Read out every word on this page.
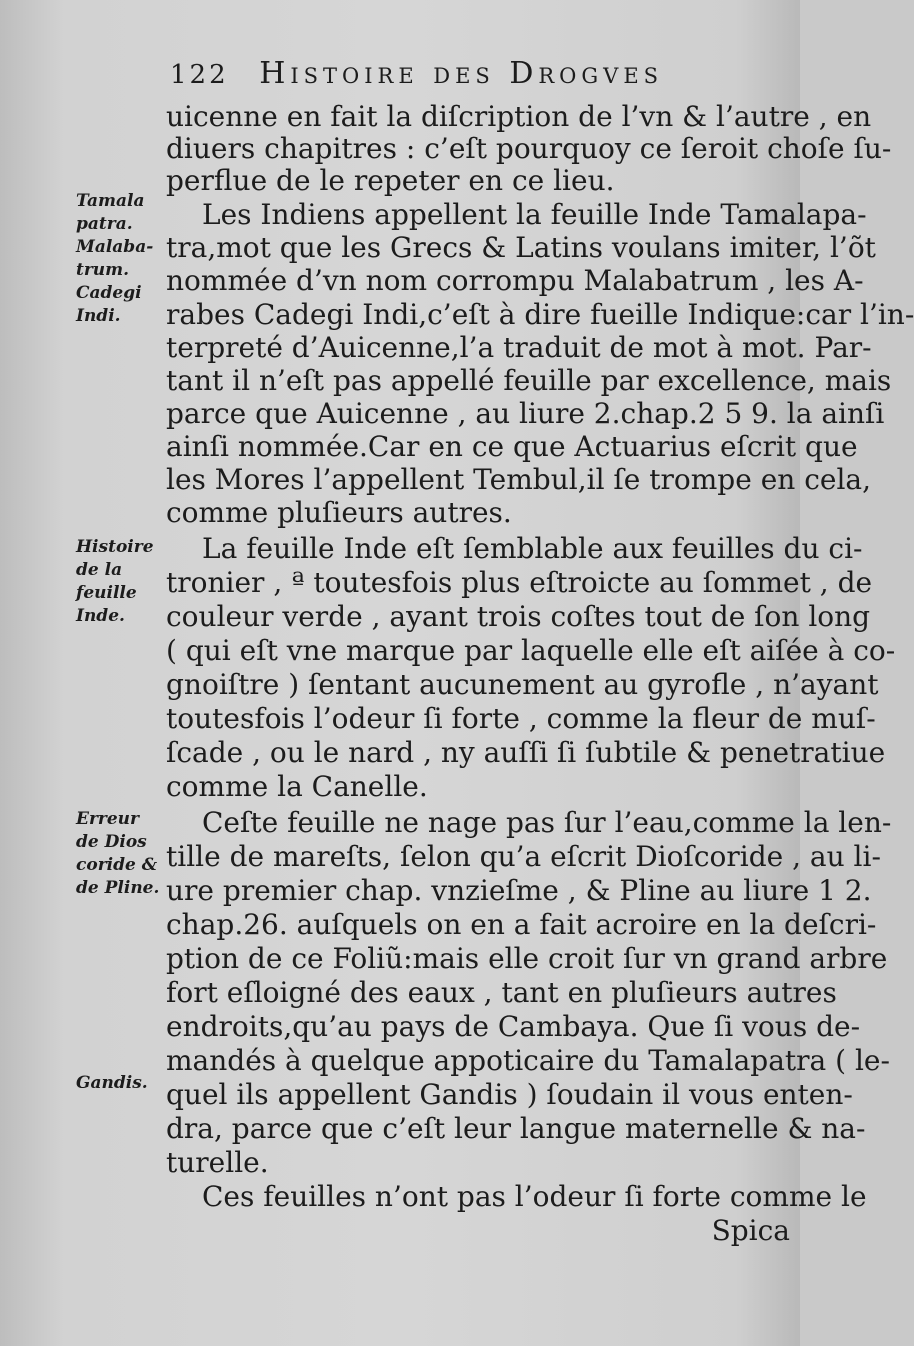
122 Histoire des Drogves
Tamala
patra.
Malaba-
trum.
Cadegi
Indi.
Histoire
de la
feuille
Inde.
Erreur
de Dios
coride &
de Pline.
Gandis.
uicenne en fait la diſcription de l’vn & l’autre , en
diuers chapitres : c’eſt pourquoy ce ſeroit choſe ſu-
perflue de le repeter en ce lieu.
Les Indiens appellent la feuille Inde Tamalapa-
tra,mot que les Grecs & Latins voulans imiter, l’õt
nommée d’vn nom corrompu Malabatrum , les A-
rabes Cadegi Indi,c’eſt à dire fueille Indique:car l’in-
terpreté d’Auicenne,l’a traduit de mot à mot. Par-
tant il n’eſt pas appellé feuille par excellence, mais
parce que Auicenne , au liure 2.chap.2 5 9. la ainſi
ainſi nommée.Car en ce que Actuarius eſcrit que
les Mores l’appellent Tembul,il ſe trompe en cela,
comme pluſieurs autres.
La feuille Inde eſt ſemblable aux feuilles du ci-
tronier , ª toutesfois plus eſtroicte au ſommet , de
couleur verde , ayant trois coſtes tout de ſon long
( qui eſt vne marque par laquelle elle eſt aiſée à co-
gnoiſtre ) ſentant aucunement au gyrofle , n’ayant
toutesfois l’odeur ſi forte , comme la fleur de muſ-
ſcade , ou le nard , ny auſſi ſi ſubtile & penetratiue
comme la Canelle.
Ceſte feuille ne nage pas ſur l’eau,comme la len-
tille de mareſts, ſelon qu’a eſcrit Dioſcoride , au li-
ure premier chap. vnzieſme , & Pline au liure 1 2.
chap.26. auſquels on en a fait acroire en la deſcri-
ption de ce Foliũ:mais elle croit ſur vn grand arbre
fort eſloigné des eaux , tant en pluſieurs autres
endroits,qu’au pays de Cambaya. Que ſi vous de-
mandés à quelque appoticaire du Tamalapatra ( le-
quel ils appellent Gandis ) ſoudain il vous enten-
dra, parce que c’eſt leur langue maternelle & na-
turelle.
Ces feuilles n’ont pas l’odeur ſi forte comme le
Spica
